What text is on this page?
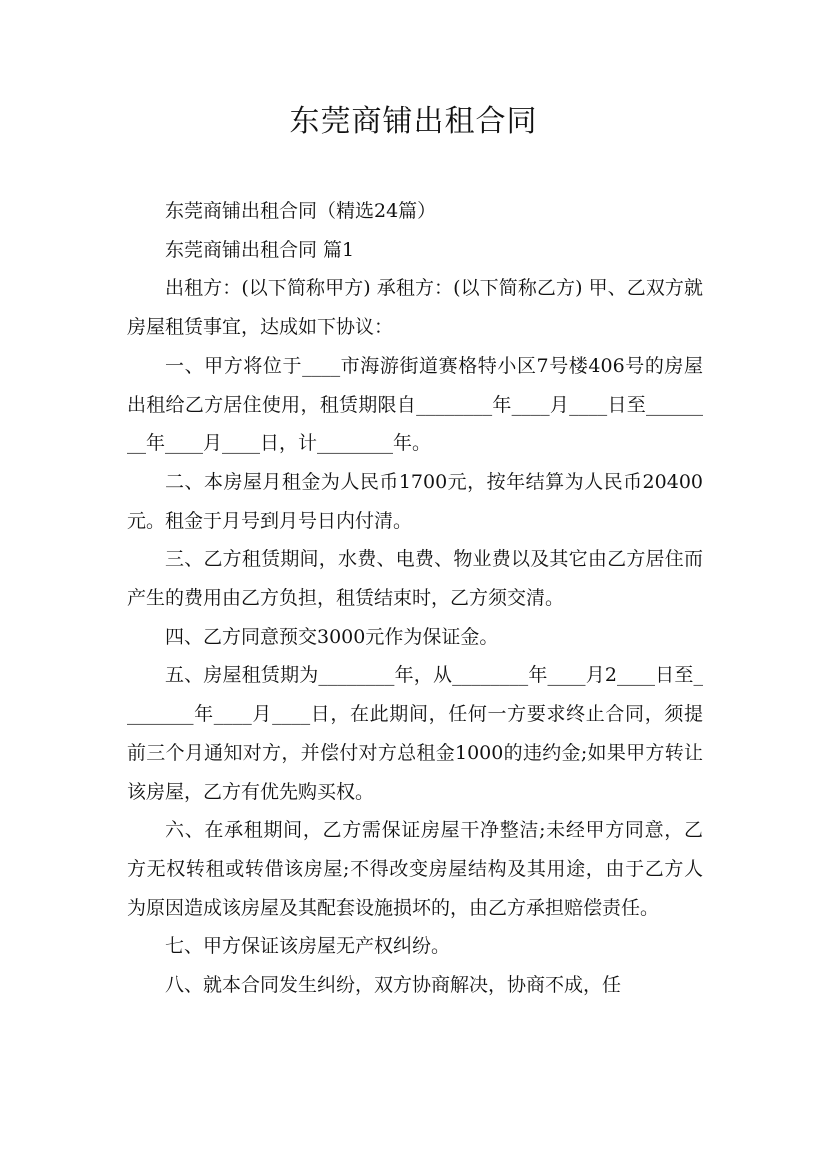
东莞商铺出租合同

东莞商铺出租合同（精选24篇）

东莞商铺出租合同 篇1

出租方：(以下简称甲方) 承租方：(以下简称乙方) 甲、乙双方就房屋租赁事宜，达成如下协议：

一、甲方将位于____市海游街道赛格特小区7号楼406号的房屋出租给乙方居住使用，租赁期限自________年____月____日至________年____月____日，计________年。

二、本房屋月租金为人民币1700元，按年结算为人民币20400元。租金于月号到月号日内付清。

三、乙方租赁期间，水费、电费、物业费以及其它由乙方居住而产生的费用由乙方负担，租赁结束时，乙方须交清。

四、乙方同意预交3000元作为保证金。

五、房屋租赁期为________年，从________年____月2____日至________年____月____日，在此期间，任何一方要求终止合同，须提前三个月通知对方，并偿付对方总租金1000的违约金;如果甲方转让该房屋，乙方有优先购买权。

六、在承租期间，乙方需保证房屋干净整洁;未经甲方同意，乙方无权转租或转借该房屋;不得改变房屋结构及其用途，由于乙方人为原因造成该房屋及其配套设施损坏的，由乙方承担赔偿责任。

七、甲方保证该房屋无产权纠纷。

八、就本合同发生纠纷，双方协商解决，协商不成，任
